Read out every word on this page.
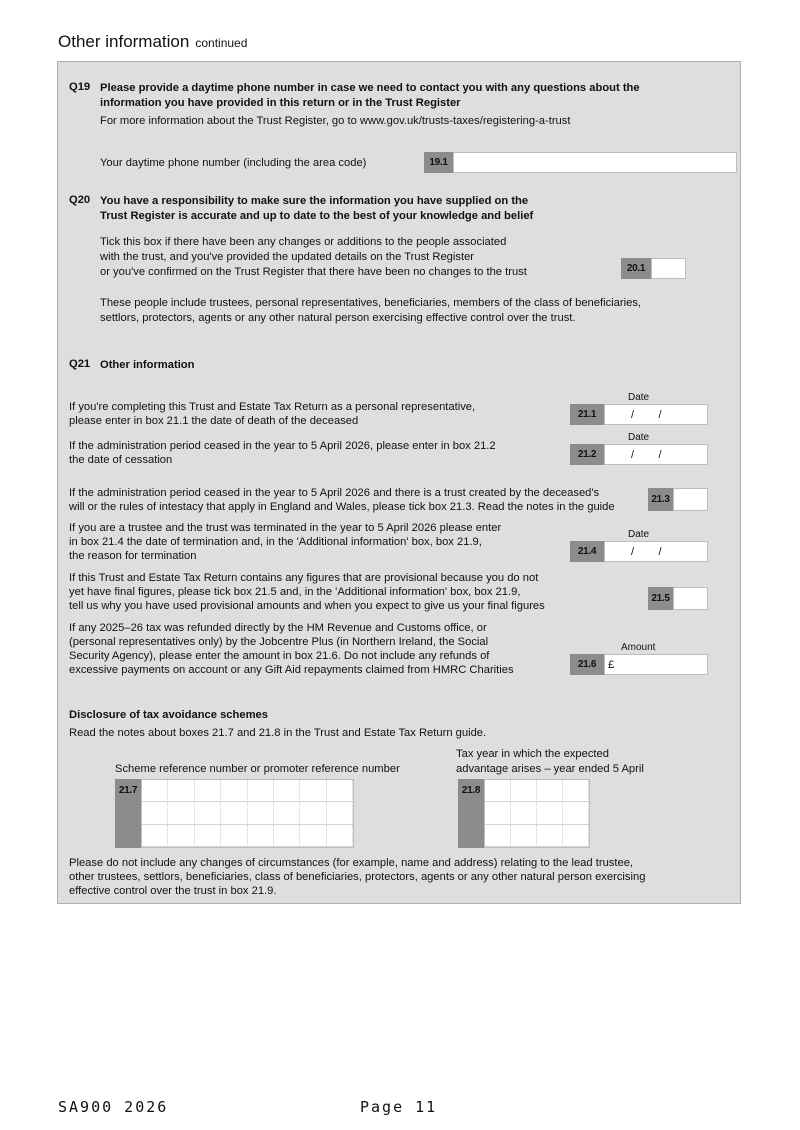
Other information continued
Q19 Please provide a daytime phone number in case we need to contact you with any questions about the
information you have provided in this return or in the Trust Register
For more information about the Trust Register, go to www.gov.uk/trusts-taxes/registering-a-trust
Your daytime phone number (including the area code)	19.1
Q20 You have a responsibility to make sure the information you have supplied on the
Trust Register is accurate and up to date to the best of your knowledge and belief
Tick this box if there have been any changes or additions to the people associated
with the trust, and you've provided the updated details on the Trust Register
or you've confirmed on the Trust Register that there have been no changes to the trust	20.1
These people include trustees, personal representatives, beneficiaries, members of the class of beneficiaries,
settlors, protectors, agents or any other natural person exercising effective control over the trust.
Q21 Other information
If you're completing this Trust and Estate Tax Return as a personal representative,
please enter in box 21.1 the date of death of the deceased
Date
21.1	/        /
If the administration period ceased in the year to 5 April 2026, please enter in box 21.2
the date of cessation
Date
21.2	/        /
If the administration period ceased in the year to 5 April 2026 and there is a trust created by the deceased's
will or the rules of intestacy that apply in England and Wales, please tick box 21.3. Read the notes in the guide
21.3
If you are a trustee and the trust was terminated in the year to 5 April 2026 please enter
in box 21.4 the date of termination and, in the 'Additional information' box, box 21.9,
the reason for termination
Date
21.4	/        /
If this Trust and Estate Tax Return contains any figures that are provisional because you do not
yet have final figures, please tick box 21.5 and, in the 'Additional information' box, box 21.9,
tell us why you have used provisional amounts and when you expect to give us your final figures
21.5
If any 2025–26 tax was refunded directly by the HM Revenue and Customs office, or
(personal representatives only) by the Jobcentre Plus (in Northern Ireland, the Social
Security Agency), please enter the amount in box 21.6. Do not include any refunds of
excessive payments on account or any Gift Aid repayments claimed from HMRC Charities
Amount
21.6	£
Disclosure of tax avoidance schemes
Read the notes about boxes 21.7 and 21.8 in the Trust and Estate Tax Return guide.
Scheme reference number or promoter reference number
Tax year in which the expected
advantage arises – year ended 5 April
21.7	21.8
Please do not include any changes of circumstances (for example, name and address) relating to the lead trustee,
other trustees, settlors, beneficiaries, class of beneficiaries, protectors, agents or any other natural person exercising
effective control over the trust in box 21.9.
SA900 2026	Page 11
